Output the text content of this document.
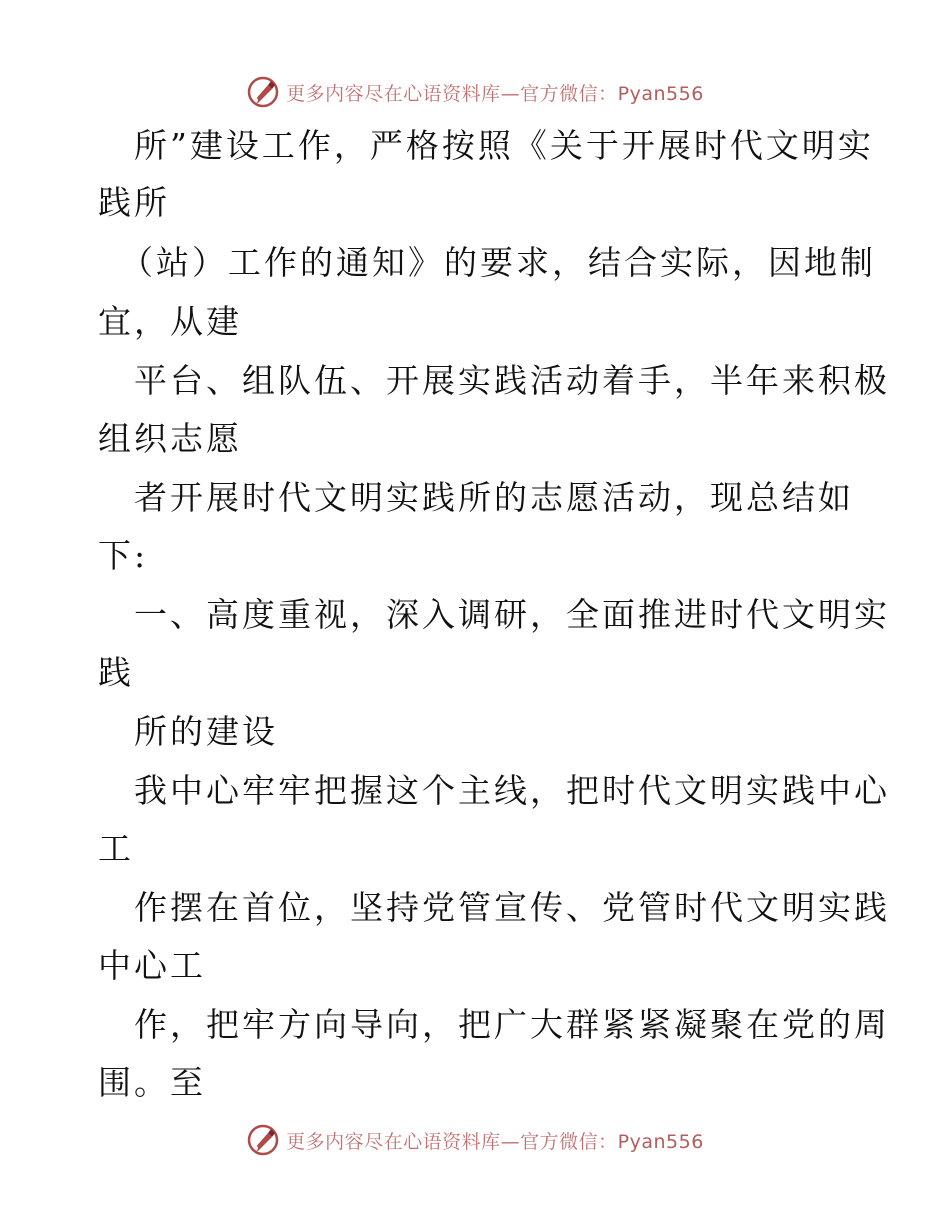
更多内容尽在心语资料库—官方微信：Pyan556
所”建设工作，严格按照《关于开展时代文明实
践所
（站）工作的通知》的要求，结合实际，因地制
宜，从建
平台、组队伍、开展实践活动着手，半年来积极
组织志愿
者开展时代文明实践所的志愿活动，现总结如
下:
一、高度重视，深入调研，全面推进时代文明实
践
所的建设
我中心牢牢把握这个主线，把时代文明实践中心
工
作摆在首位，坚持党管宣传、党管时代文明实践
中心工
作，把牢方向导向，把广大群紧紧凝聚在党的周
围。至
更多内容尽在心语资料库—官方微信：Pyan556
